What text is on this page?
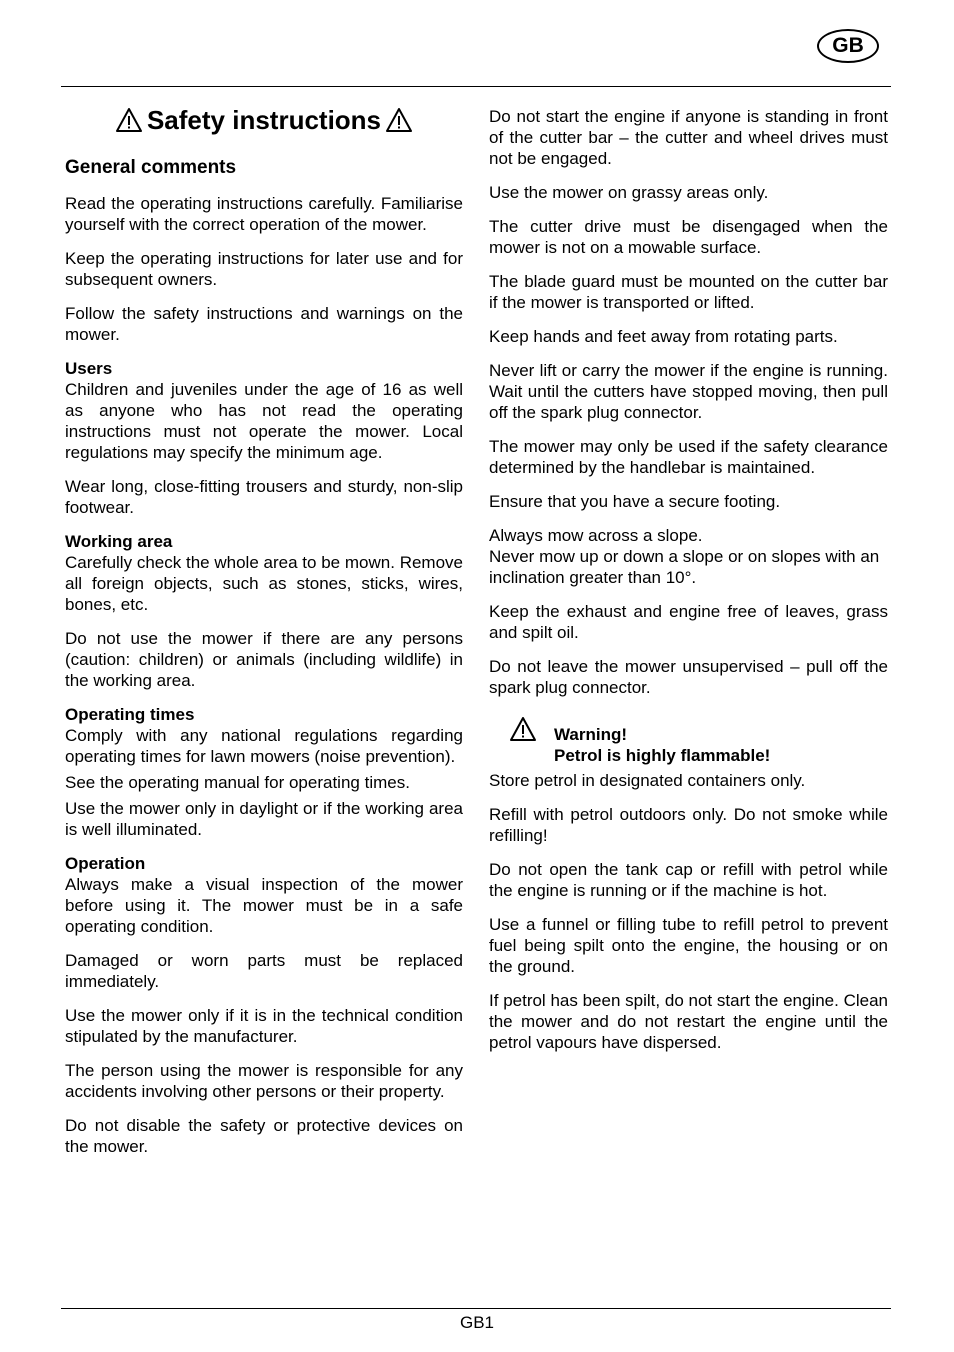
GB
Safety instructions
General comments

Read the operating instructions carefully. Familiarise yourself with the correct operation of the mower.

Keep the operating instructions for later use and for subsequent owners.

Follow the safety instructions and warnings on the mower.

Users
Children and juveniles under the age of 16 as well as anyone who has not read the operating instructions must not operate the mower. Local regulations may specify the minimum age.

Wear long, close-fitting trousers and sturdy, non-slip footwear.

Working area
Carefully check the whole area to be mown. Remove all foreign objects, such as stones, sticks, wires, bones, etc.

Do not use the mower if there are any persons (caution: children) or animals (including wildlife) in the working area.

Operating times
Comply with any national regulations regarding operating times for lawn mowers (noise prevention).

See the operating manual for operating times.

Use the mower only in daylight or if the working area is well illuminated.

Operation
Always make a visual inspection of the mower before using it. The mower must be in a safe operating condition.

Damaged or worn parts must be replaced immediately.

Use the mower only if it is in the technical condition stipulated by the manufacturer.

The person using the mower is responsible for any accidents involving other persons or their property.

Do not disable the safety or protective devices on the mower.

Do not start the engine if anyone is standing in front of the cutter bar – the cutter and wheel drives must not be engaged.

Use the mower on grassy areas only.

The cutter drive must be disengaged when the mower is not on a mowable surface.

The blade guard must be mounted on the cutter bar if the mower is transported or lifted.

Keep hands and feet away from rotating parts.

Never lift or carry the mower if the engine is running. Wait until the cutters have stopped moving, then pull off the spark plug connector.

The mower may only be used if the safety clearance determined by the handlebar is maintained.

Ensure that you have a secure footing.

Always mow across a slope.
Never mow up or down a slope or on slopes with an inclination greater than 10°.

Keep the exhaust and engine free of leaves, grass and spilt oil.

Do not leave the mower unsupervised – pull off the spark plug connector.

Warning!
Petrol is highly flammable!

Store petrol in designated containers only.

Refill with petrol outdoors only. Do not smoke while refilling!

Do not open the tank cap or refill with petrol while the engine is running or if the machine is hot.

Use a funnel or filling tube to refill petrol to prevent fuel being spilt onto the engine, the housing or on the ground.

If petrol has been spilt, do not start the engine. Clean the mower and do not restart the engine until the petrol vapours have dispersed.

GB1
